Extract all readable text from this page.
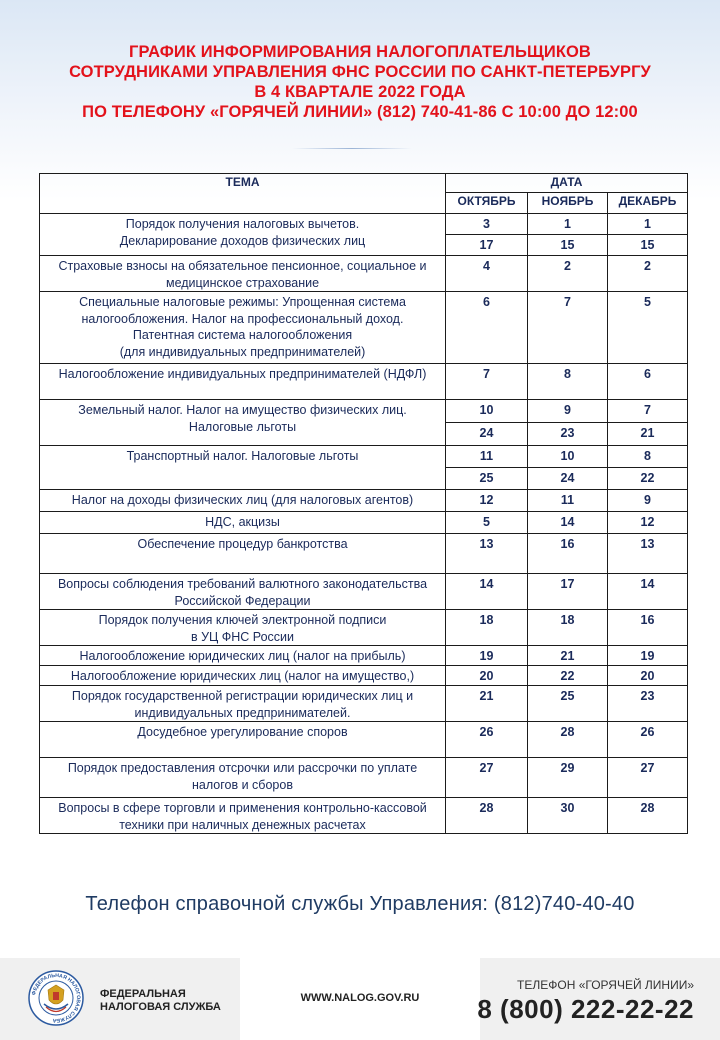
ГРАФИК ИНФОРМИРОВАНИЯ НАЛОГОПЛАТЕЛЬЩИКОВ
СОТРУДНИКАМИ УПРАВЛЕНИЯ ФНС РОССИИ ПО САНКТ-ПЕТЕРБУРГУ
В 4 КВАРТАЛЕ 2022 ГОДА
ПО ТЕЛЕФОНУ «ГОРЯЧЕЙ ЛИНИИ» (812) 740-41-86 С 10:00 ДО 12:00
ТЕМА	ДАТА		
	ОКТЯБРЬ	НОЯБРЬ	ДЕКАБРЬ

Порядок получения налоговых вычетов.
Декларирование доходов физических лиц	3	1	1
	17	15	15

Страховые взносы на обязательное пенсионное, социальное и
медицинское страхование	4	2	2

Специальные налоговые режимы: Упрощенная система
налогообложения. Налог на профессиональный доход.
Патентная система налогообложения
(для индивидуальных предпринимателей)	6	7	5

Налогообложение индивидуальных предпринимателей (НДФЛ)	7	8	6

Земельный налог. Налог на имущество физических лиц.
Налоговые льготы	10	9	7
	24	23	21

Транспортный налог. Налоговые льготы	11	10	8
	25	24	22

Налог на доходы физических лиц (для налоговых агентов)	12	11	9

НДС, акцизы	5	14	12

Обеспечение процедур банкротства	13	16	13

Вопросы соблюдения требований валютного законодательства
Российской Федерации	14	17	14

Порядок получения ключей электронной подписи
в УЦ ФНС России	18	18	16

Налогообложение юридических лиц (налог на прибыль)	19	21	19

Налогообложение юридических лиц (налог на имущество,)	20	22	20

Порядок государственной регистрации юридических лиц и
индивидуальных предпринимателей.	21	25	23

Досудебное урегулирование споров	26	28	26

Порядок предоставления отсрочки или рассрочки по уплате
налогов и сборов	27	29	27

Вопросы в сфере торговли и применения контрольно-кассовой
техники при наличных денежных расчетах	28	30	28
Телефон справочной службы Управления: (812)740-40-40
ФЕДЕРАЛЬНАЯ НАЛОГОВАЯ СЛУЖБА
ФЕДЕРАЛЬНАЯ
НАЛОГОВАЯ СЛУЖБА
WWW.NALOG.GOV.RU
ТЕЛЕФОН «ГОРЯЧЕЙ ЛИНИИ»
8 (800) 222-22-22
